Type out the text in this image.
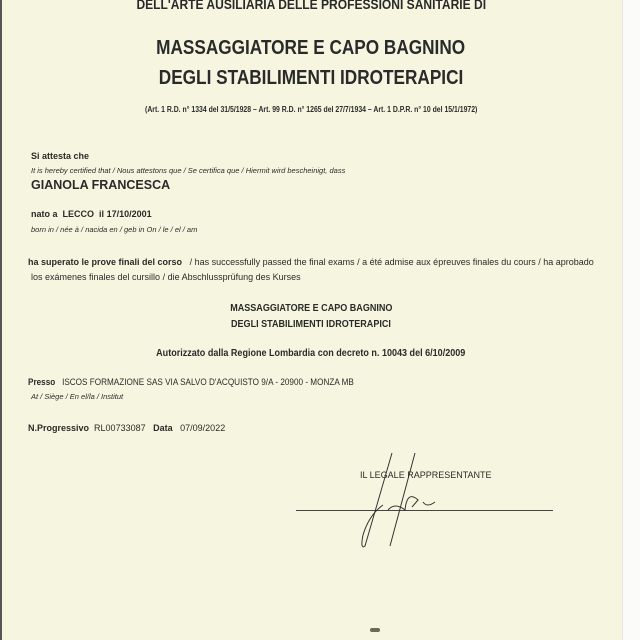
DELL'ARTE AUSILIARIA DELLE PROFESSIONI SANITARIE DI
MASSAGGIATORE E CAPO BAGNINO
DEGLI STABILIMENTI IDROTERAPICI
(Art. 1 R.D. n° 1334 del 31/5/1928 – Art. 99 R.D. n° 1265 del 27/7/1934 – Art. 1 D.P.R. n° 10 del 15/1/1972)
Si attesta che
It is hereby certified that / Nous attestons que / Se certifica que / Hiermit wird bescheinigt, dass
GIANOLA FRANCESCA
nato a LECCO il 17/10/2001
born in / née à / nacida en / geb in On / le / el / am
ha superato le prove finali del corso / has successfully passed the final exams / a été admise aux épreuves finales du cours / ha aprobado
los exámenes finales del cursillo / die Abschlussprüfung des Kurses
MASSAGGIATORE E CAPO BAGNINO
DEGLI STABILIMENTI IDROTERAPICI
Autorizzato dalla Regione Lombardia con decreto n. 10043 del 6/10/2009
Presso ISCOS FORMAZIONE SAS VIA SALVO D'ACQUISTO 9/A - 20900 - MONZA MB
At / Siège / En el/la / Institut
N.Progressivo RL00733087 Data 07/09/2022
IL LEGALE RAPPRESENTANTE
